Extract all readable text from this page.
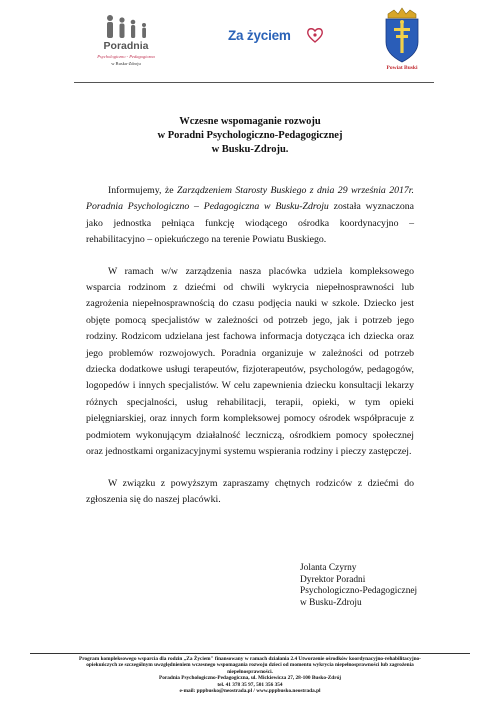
Poradnia
Psychologiczno - Pedagogiczna
w Busku-Zdroju
Za życiem
Powiat Buski
Wczesne wspomaganie rozwoju
w Poradni Psychologiczno-Pedagogicznej
w Busku-Zdroju.

Informujemy, że Zarządzeniem Starosty Buskiego z dnia 29 września 2017r. Poradnia Psychologiczno – Pedagogiczna w Busku-Zdroju została wyznaczona jako jednostka pełniąca funkcję wiodącego ośrodka koordynacyjno – rehabilitacyjno – opiekuńczego na terenie Powiatu Buskiego.

W ramach w/w zarządzenia nasza placówka udziela kompleksowego wsparcia rodzinom z dziećmi od chwili wykrycia niepełnosprawności lub zagrożenia niepełnosprawnością do czasu podjęcia nauki w szkole. Dziecko jest objęte pomocą specjalistów w zależności od potrzeb jego, jak i potrzeb jego rodziny. Rodzicom udzielana jest fachowa informacja dotycząca ich dziecka oraz jego problemów rozwojowych. Poradnia organizuje w zależności od potrzeb dziecka dodatkowe usługi terapeutów, fizjoterapeutów, psychologów, pedagogów, logopedów i innych specjalistów. W celu zapewnienia dziecku konsultacji lekarzy różnych specjalności, usług rehabilitacji, terapii, opieki, w tym opieki pielęgniarskiej, oraz innych form kompleksowej pomocy ośrodek współpracuje z podmiotem wykonującym działalność leczniczą, ośrodkiem pomocy społecznej oraz jednostkami organizacyjnymi systemu wspierania rodziny i pieczy zastępczej.

W związku z powyższym zapraszamy chętnych rodziców z dziećmi do zgłoszenia się do naszej placówki.

Jolanta Czyrny
Dyrektor Poradni
Psychologiczno-Pedagogicznej
w Busku-Zdroju
Program kompleksowego wsparcia dla rodzin „Za Życiem" finansowany w ramach działania 2.4 Utworzenie ośrodków koordynacyjno-rehabilitacyjno-
opiekuńczych ze szczególnym uwzględnieniem wczesnego wspomagania rozwoju dzieci od momentu wykrycia niepełnosprawności lub zagrożenia
niepełnosprawności.
Poradnia Psychologiczno-Pedagogiczna, ul. Mickiewicza 27, 28-100 Busko-Zdrój
tel. 41 378 35 97, 501 356 354
e-mail: pppbusko@neostrada.pl / www.pppbusko.neostrada.pl
